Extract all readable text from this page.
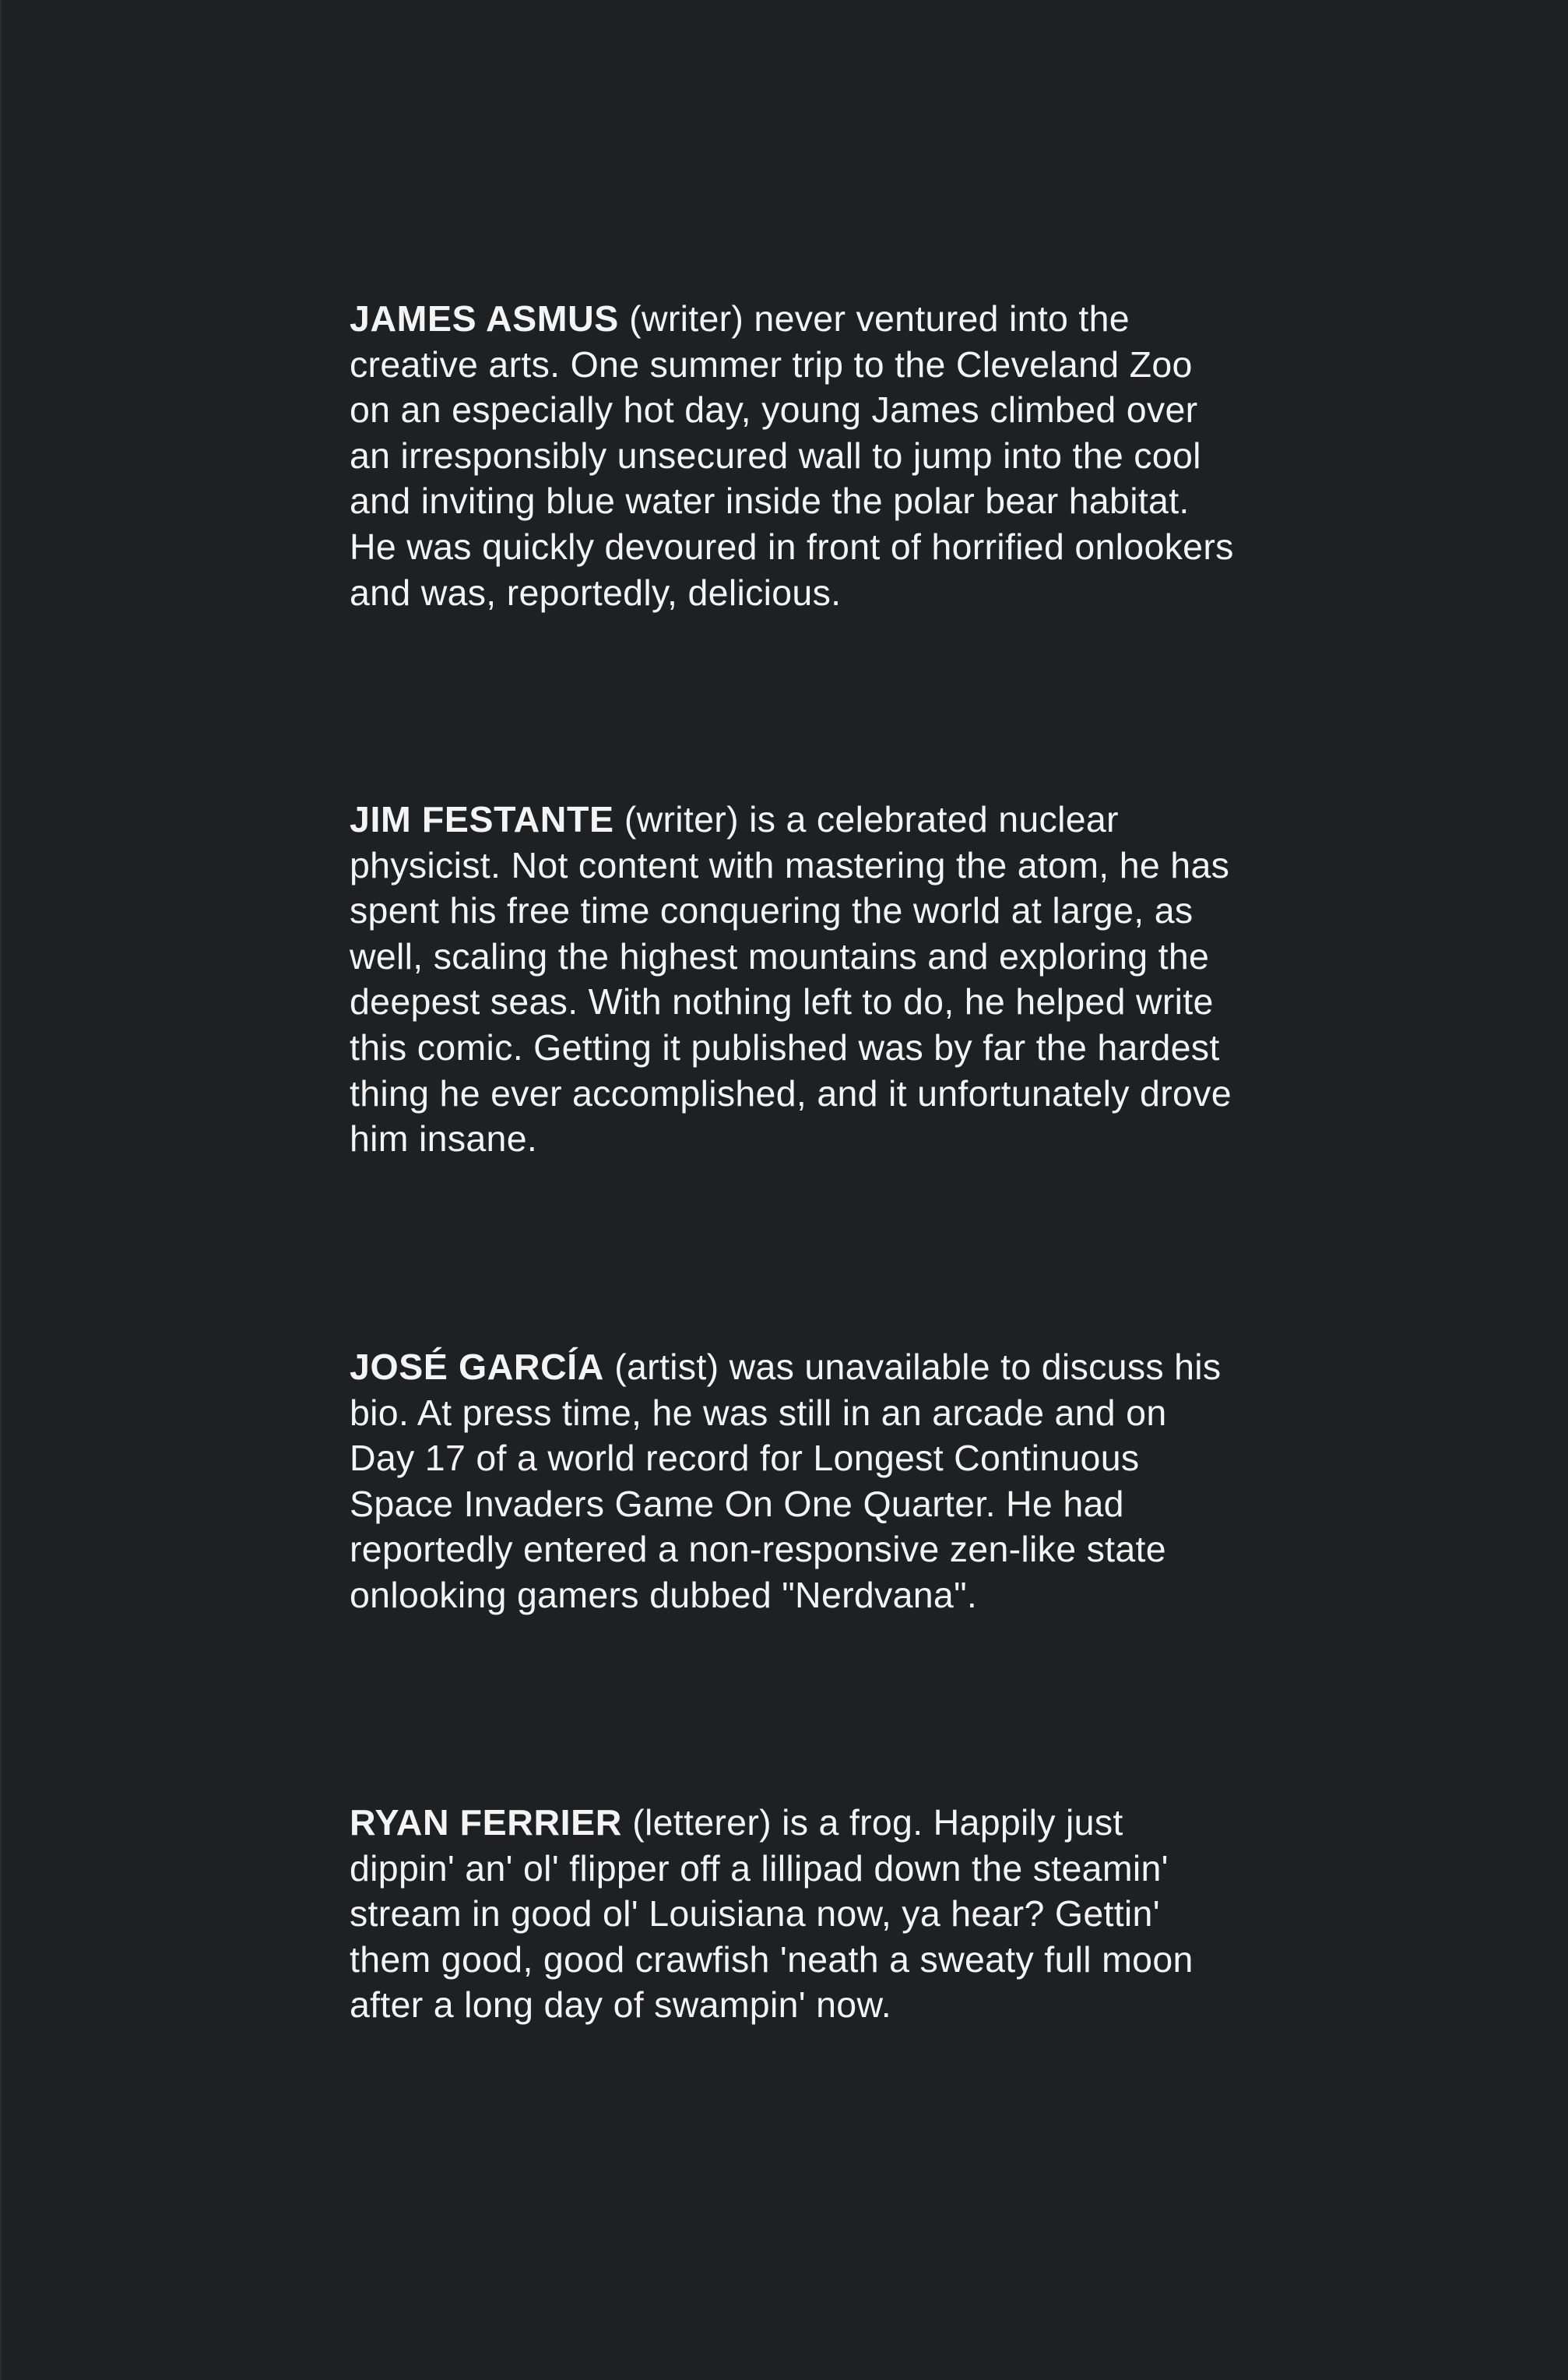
JAMES ASMUS (writer) never ventured into the creative arts. One summer trip to the Cleveland Zoo on an especially hot day, young James climbed over an irresponsibly unsecured wall to jump into the cool and inviting blue water inside the polar bear habitat. He was quickly devoured in front of horrified onlookers and was, reportedly, delicious.

JIM FESTANTE (writer) is a celebrated nuclear physicist. Not content with mastering the atom, he has spent his free time conquering the world at large, as well, scaling the highest mountains and exploring the deepest seas. With nothing left to do, he helped write this comic. Getting it published was by far the hardest thing he ever accomplished, and it unfortunately drove him insane.

JOSÉ GARCÍA (artist) was unavailable to discuss his bio. At press time, he was still in an arcade and on Day 17 of a world record for Longest Continuous Space Invaders Game On One Quarter. He had reportedly entered a non-responsive zen-like state onlooking gamers dubbed "Nerdvana".

RYAN FERRIER (letterer) is a frog. Happily just dippin' an' ol' flipper off a lillipad down the steamin' stream in good ol' Louisiana now, ya hear? Gettin' them good, good crawfish 'neath a sweaty full moon after a long day of swampin' now.
